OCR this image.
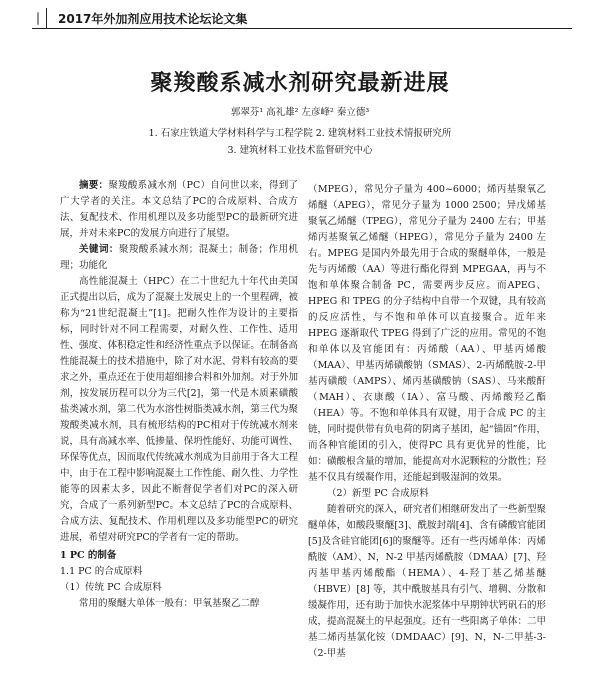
｜ 2017年外加剂应用技术论坛论文集
聚羧酸系减水剂研究最新进展
郭翠芬¹ 高礼雄² 左彦峰² 秦立德³
1. 石家庄铁道大学材料科学与工程学院 2. 建筑材料工业技术情报研究所
3. 建筑材料工业技术监督研究中心

摘要：聚羧酸系减水剂（PC）自问世以来，得到了广大学者的关注。本文总结了PC的合成原料、合成方法、复配技术、作用机理以及多功能型PC的最新研究进展，并对未来PC的发展方向进行了展望。

关键词：聚羧酸系减水剂；混凝土；制备；作用机理；功能化

高性能混凝土（HPC）在二十世纪九十年代由美国正式提出以后，成为了混凝土发展史上的一个里程碑，被称为“21世纪混凝土”[1]。把耐久性作为设计的主要指标，同时针对不同工程需要，对耐久性、工作性、适用性、强度、体积稳定性和经济性重点予以保证。在制备高性能混凝土的技术措施中，除了对水泥、骨料有较高的要求之外，重点还在于使用超细掺合料和外加剂。对于外加剂，按发展历程可以分为三代[2]，第一代是木质素磺酸盐类减水剂，第二代为水溶性树脂类减水剂，第三代为聚羧酸类减水剂，具有梳形结构的PC相对于传统减水剂来说，具有高减水率、低掺量、保坍性能好、功能可调性、环保等优点，因而取代传统减水剂成为目前用于各大工程中，由于在工程中影响混凝土工作性能、耐久性、力学性能等的因素太多，因此不断督促学者们对PC的深入研究，合成了一系列新型PC。本文总结了PC的合成原料、合成方法、复配技术、作用机理以及多功能型PC的研究进展，希望对研究PC的学者有一定的帮助。

1 PC 的制备

1.1 PC 的合成原料

（1）传统 PC 合成原料

常用的聚醚大单体一般有：甲氧基聚乙二醇

（MPEG），常见分子量为 400~6000；烯丙基聚氧乙烯醚（APEG），常见分子量为 1000 2500；异戊烯基聚氧乙烯醚（TPEG），常见分子量为 2400 左右；甲基烯丙基聚氧乙烯醚（HPEG），常见分子量为 2400 左右。MPEG 是国内外最先用于合成的聚醚单体，一般是先与丙烯酸（AA）等进行酯化得到 MPEGAA，再与不饱和单体聚合制备 PC，需要两步反应。而APEG、HPEG 和 TPEG 的分子结构中自带一个双键，具有较高的反应活性，与不饱和单体可以直接聚合。近年来 HPEG 逐渐取代 TPEG 得到了广泛的应用。常见的不饱和单体以及官能团有：丙烯酸（AA）、甲基丙烯酸（MAA）、甲基丙烯磺酸钠（SMAS）、2-丙烯酰胺-2-甲基丙磺酸（AMPS）、烯丙基磺酸钠（SAS）、马来酸酐（MAH）、衣康酸（IA）、富马酸、丙烯酸羟乙酯（HEA）等。不饱和单体具有双键，用于合成 PC 的主链，同时提供带有负电荷的阴离子基团，起“锚固”作用，而各种官能团的引入，使得PC 具有更优异的性能，比如：磺酸根含量的增加，能提高对水泥颗粒的分散性；羟基不仅具有缓凝作用，还能起到吸湿润的效果。

（2）新型 PC 合成原料

随着研究的深入，研究者们相继研发出了一些新型聚醚单体，如酸段聚醚[3]、酰胺封端[4]、含有磷酸官能团[5]及含硅官能团[6]的聚醚等。还有一些丙烯单体：丙烯酰胺（AM）、N，N-2 甲基丙烯酰胺（DMAA）[7]、羟丙基甲基丙烯酸酯（HEMA）、4-羟丁基乙烯基醚（HBVE）[8] 等，其中酰胺基具有引气、增稠、分散和缓凝作用，还有助于加快水泥浆体中早期钟状钙矾石的形成，提高混凝土的早起强度。还有一些阳离子单体：二甲基二烯丙基氯化铵（DMDAAC）[9]、N，N-二甲基-3-（2-甲基
